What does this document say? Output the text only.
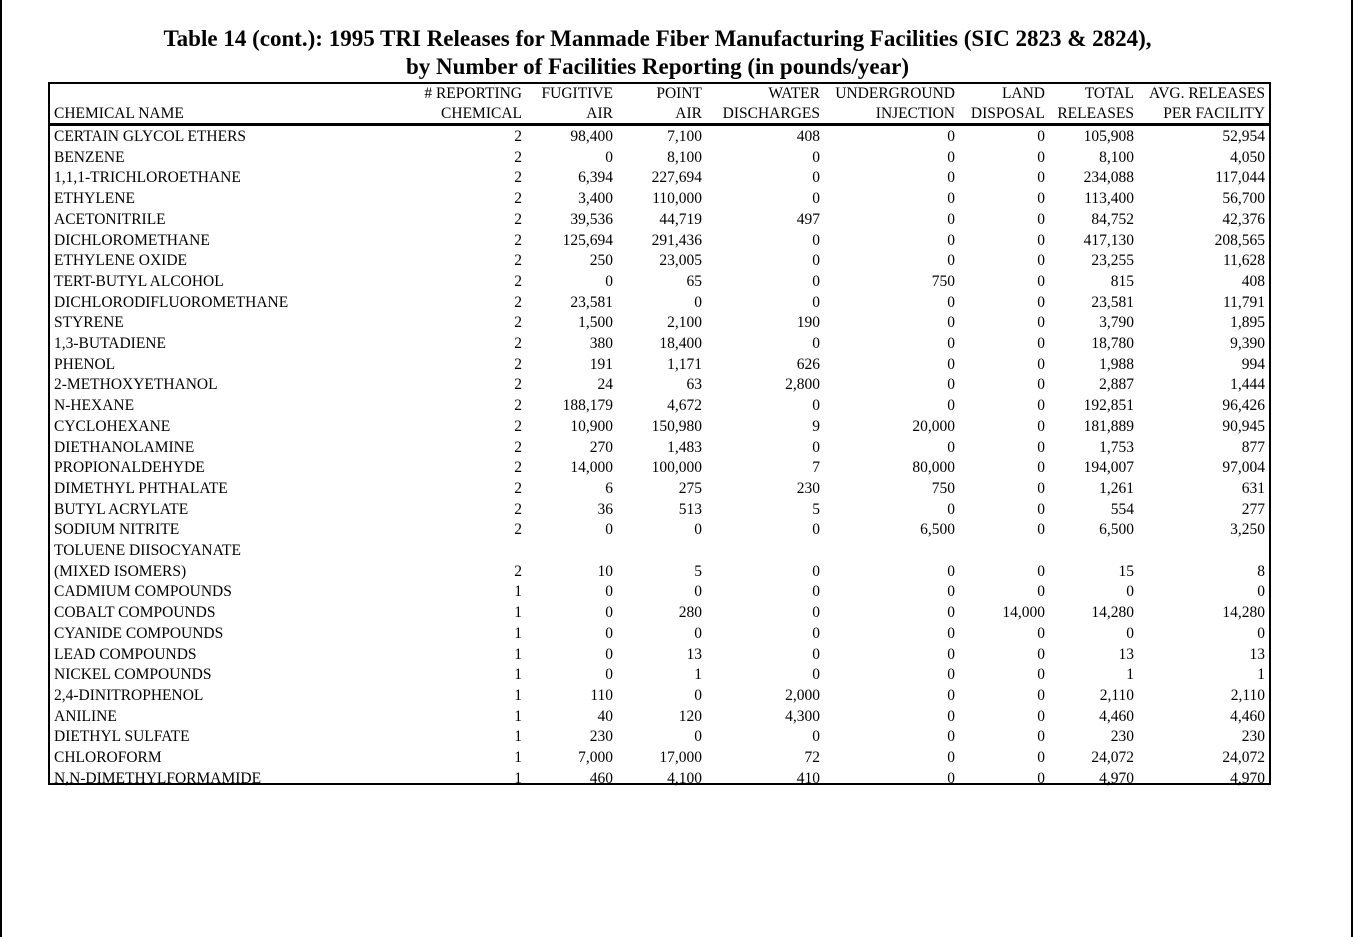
Table 14 (cont.): 1995 TRI Releases for Manmade Fiber Manufacturing Facilities (SIC 2823 & 2824),
by Number of Facilities Reporting (in pounds/year)
	# REPORTING	FUGITIVE	POINT	WATER	UNDERGROUND	LAND	TOTAL	AVG. RELEASES
CHEMICAL NAME	CHEMICAL	AIR	AIR	DISCHARGES	INJECTION	DISPOSAL	RELEASES	PER FACILITY
CERTAIN GLYCOL ETHERS	2	98,400	7,100	408	0	0	105,908	52,954
BENZENE	2	0	8,100	0	0	0	8,100	4,050
1,1,1-TRICHLOROETHANE	2	6,394	227,694	0	0	0	234,088	117,044
ETHYLENE	2	3,400	110,000	0	0	0	113,400	56,700
ACETONITRILE	2	39,536	44,719	497	0	0	84,752	42,376
DICHLOROMETHANE	2	125,694	291,436	0	0	0	417,130	208,565
ETHYLENE OXIDE	2	250	23,005	0	0	0	23,255	11,628
TERT-BUTYL ALCOHOL	2	0	65	0	750	0	815	408
DICHLORODIFLUOROMETHANE	2	23,581	0	0	0	0	23,581	11,791
STYRENE	2	1,500	2,100	190	0	0	3,790	1,895
1,3-BUTADIENE	2	380	18,400	0	0	0	18,780	9,390
PHENOL	2	191	1,171	626	0	0	1,988	994
2-METHOXYETHANOL	2	24	63	2,800	0	0	2,887	1,444
N-HEXANE	2	188,179	4,672	0	0	0	192,851	96,426
CYCLOHEXANE	2	10,900	150,980	9	20,000	0	181,889	90,945
DIETHANOLAMINE	2	270	1,483	0	0	0	1,753	877
PROPIONALDEHYDE	2	14,000	100,000	7	80,000	0	194,007	97,004
DIMETHYL PHTHALATE	2	6	275	230	750	0	1,261	631
BUTYL ACRYLATE	2	36	513	5	0	0	554	277
SODIUM NITRITE	2	0	0	0	6,500	0	6,500	3,250
TOLUENE DIISOCYANATE								
(MIXED ISOMERS)	2	10	5	0	0	0	15	8
CADMIUM COMPOUNDS	1	0	0	0	0	0	0	0
COBALT COMPOUNDS	1	0	280	0	0	14,000	14,280	14,280
CYANIDE COMPOUNDS	1	0	0	0	0	0	0	0
LEAD COMPOUNDS	1	0	13	0	0	0	13	13
NICKEL COMPOUNDS	1	0	1	0	0	0	1	1
2,4-DINITROPHENOL	1	110	0	2,000	0	0	2,110	2,110
ANILINE	1	40	120	4,300	0	0	4,460	4,460
DIETHYL SULFATE	1	230	0	0	0	0	230	230
CHLOROFORM	1	7,000	17,000	72	0	0	24,072	24,072
N,N-DIMETHYLFORMAMIDE	1	460	4,100	410	0	0	4,970	4,970
